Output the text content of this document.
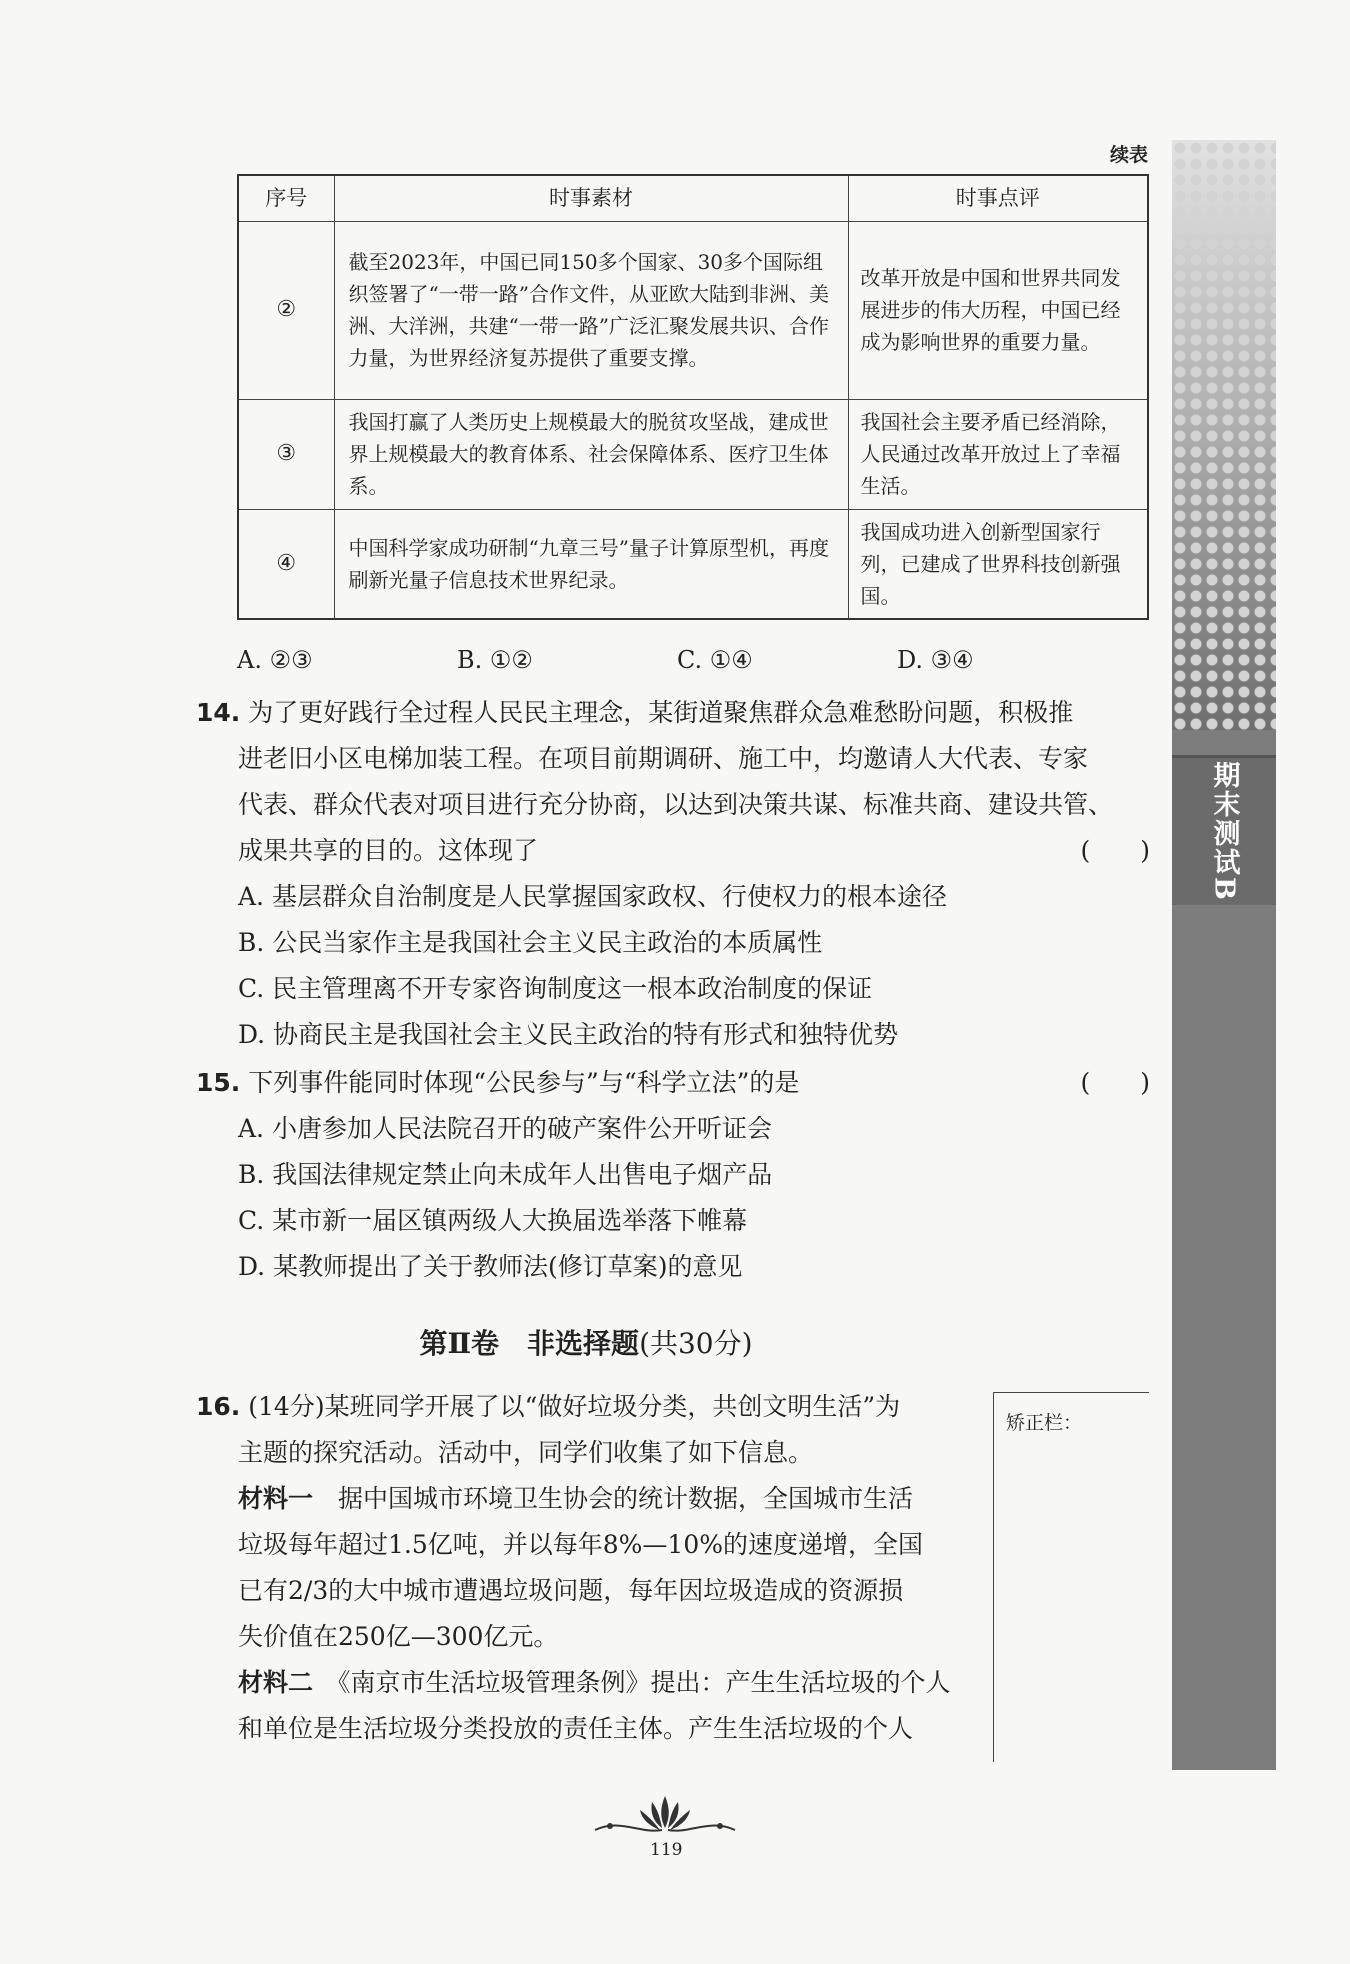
期末测试B
续表
序号	时事素材	时事点评
②	截至2023年，中国已同150多个国家、30多个国际组织签署了“一带一路”合作文件，从亚欧大陆到非洲、美洲、大洋洲，共建“一带一路”广泛汇聚发展共识、合作力量，为世界经济复苏提供了重要支撑。	改革开放是中国和世界共同发展进步的伟大历程，中国已经成为影响世界的重要力量。
③	我国打赢了人类历史上规模最大的脱贫攻坚战，建成世界上规模最大的教育体系、社会保障体系、医疗卫生体系。	我国社会主要矛盾已经消除，人民通过改革开放过上了幸福生活。
④	中国科学家成功研制“九章三号”量子计算原型机，再度刷新光量子信息技术世界纪录。	我国成功进入创新型国家行列，已建成了世界科技创新强国。
A. ②③	B. ①②	C. ①④	D. ③④
14. 为了更好践行全过程人民民主理念，某街道聚焦群众急难愁盼问题，积极推
进老旧小区电梯加装工程。在项目前期调研、施工中，均邀请人大代表、专家
代表、群众代表对项目进行充分协商，以达到决策共谋、标准共商、建设共管、
成果共享的目的。这体现了	(　　)
A. 基层群众自治制度是人民掌握国家政权、行使权力的根本途径
B. 公民当家作主是我国社会主义民主政治的本质属性
C. 民主管理离不开专家咨询制度这一根本政治制度的保证
D. 协商民主是我国社会主义民主政治的特有形式和独特优势
15. 下列事件能同时体现“公民参与”与“科学立法”的是	(　　)
A. 小唐参加人民法院召开的破产案件公开听证会
B. 我国法律规定禁止向未成年人出售电子烟产品
C. 某市新一届区镇两级人大换届选举落下帷幕
D. 某教师提出了关于教师法(修订草案)的意见
第Ⅱ卷　非选择题(共30分)
16. (14分)某班同学开展了以“做好垃圾分类，共创文明生活”为
主题的探究活动。活动中，同学们收集了如下信息。
材料一　据中国城市环境卫生协会的统计数据，全国城市生活
垃圾每年超过1.5亿吨，并以每年8%—10%的速度递增，全国
已有2/3的大中城市遭遇垃圾问题，每年因垃圾造成的资源损
失价值在250亿—300亿元。
材料二　《南京市生活垃圾管理条例》提出：产生生活垃圾的个人
和单位是生活垃圾分类投放的责任主体。产生生活垃圾的个人
矫正栏：
119
